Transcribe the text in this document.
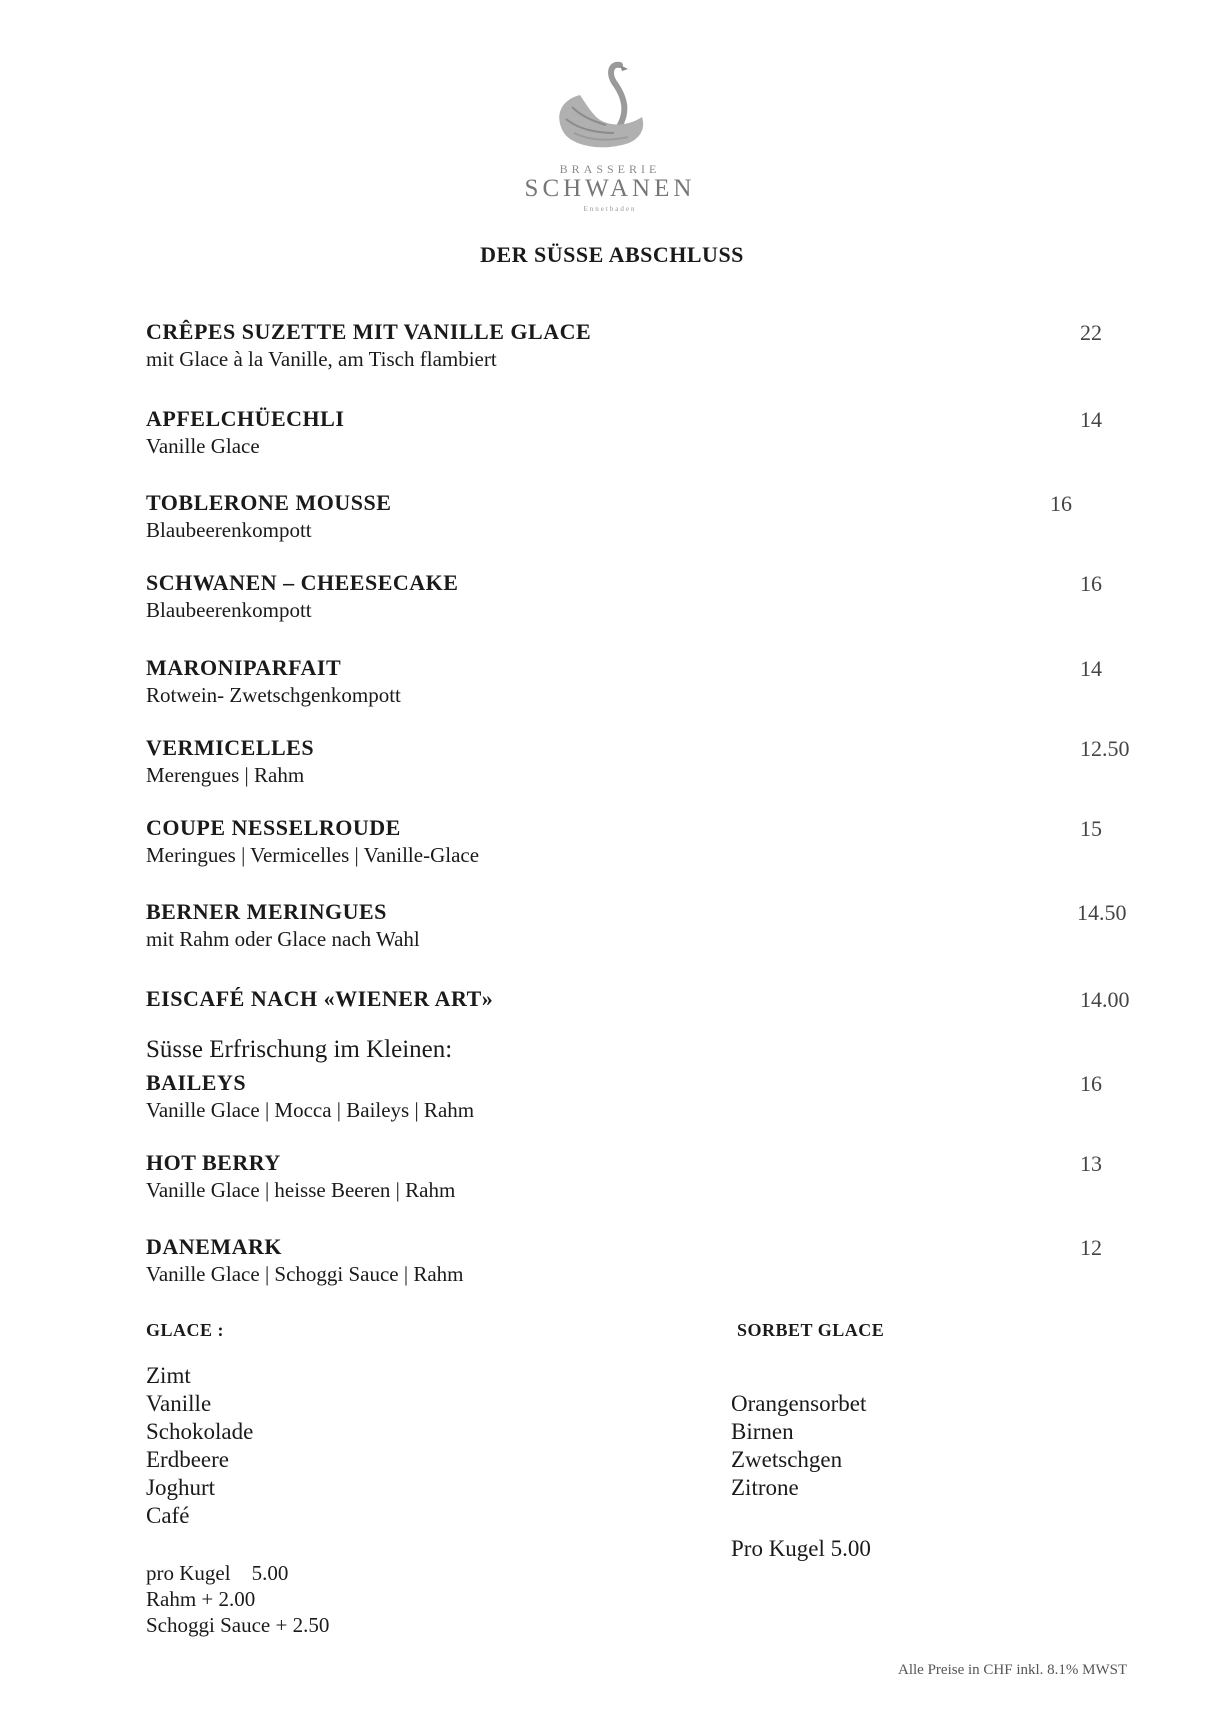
BRASSERIE
SCHWANEN
Ennetbaden
DER SÜSSE ABSCHLUSS
CRÊPES SUZETTE MIT VANILLE GLACE
mit Glace à la Vanille, am Tisch flambiert
22
APFELCHÜECHLI
Vanille Glace
14
TOBLERONE MOUSSE
Blaubeerenkompott
16
SCHWANEN – CHEESECAKE
Blaubeerenkompott
16
MARONIPARFAIT
Rotwein- Zwetschgenkompott
14
VERMICELLES
Merengues | Rahm
12.50
COUPE NESSELROUDE
Meringues | Vermicelles | Vanille-Glace
15
BERNER MERINGUES
mit Rahm oder Glace nach Wahl
14.50
EISCAFÉ NACH «WIENER ART»	14.00
Süsse Erfrischung im Kleinen:
BAILEYS
Vanille Glace | Mocca | Baileys | Rahm
16
HOT BERRY
Vanille Glace | heisse Beeren | Rahm
13
DANEMARK
Vanille Glace | Schoggi Sauce | Rahm
12
GLACE :	SORBET GLACE
Zimt
Vanille
Schokolade
Erdbeere
Joghurt
Café
pro Kugel    5.00
Rahm + 2.00
Schoggi Sauce + 2.50
Orangensorbet
Birnen
Zwetschgen
Zitrone
Pro Kugel 5.00
Alle Preise in CHF inkl. 8.1% MWST
